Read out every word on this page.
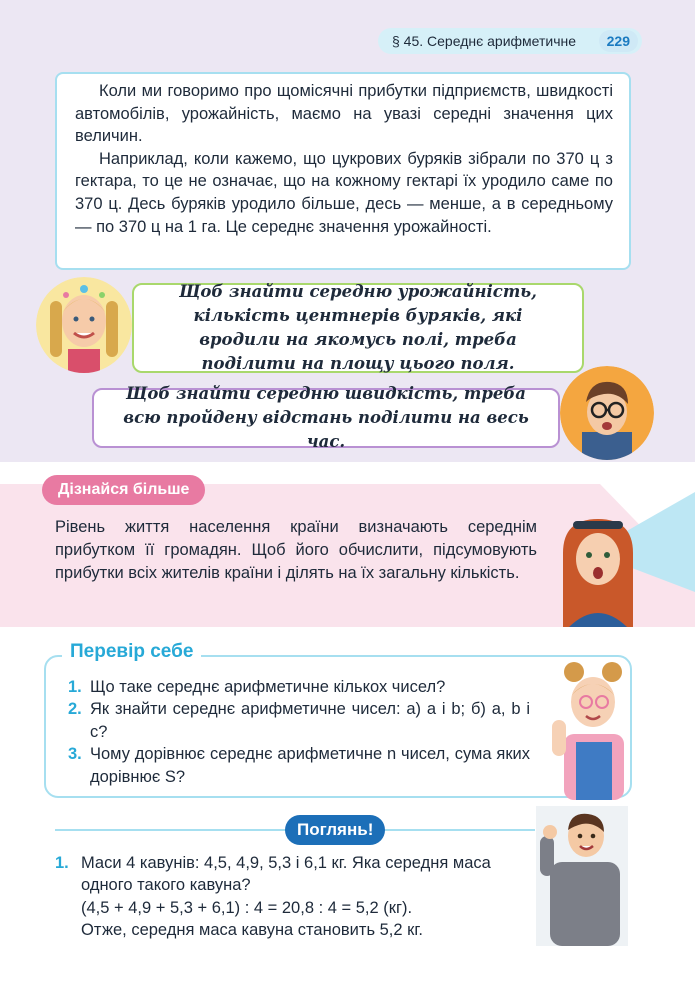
§ 45. Середнє арифметичне	229

Коли ми говоримо про щомісячні прибутки підприємств, швидкості автомобілів, урожайність, маємо на увазі середні значення цих величин.

Наприклад, коли кажемо, що цукрових буряків зібрали по 370 ц з гектара, то це не означає, що на кожному гектарі їх уродило саме по 370 ц. Десь буряків уродило більше, десь — менше, а в середньому — по 370 ц на 1 га. Це середнє значення урожайності.

Щоб знайти середню урожайність, кількість центнерів буряків, які вродили на якомусь полі, треба поділити на площу цього поля.
Щоб знайти середню швидкість, треба всю пройдену відстань поділити на весь час.
Дізнайся більше
Рівень життя населення країни визначають середнім прибутком її громадян. Щоб його обчислити, підсумовують прибутки всіх жителів країни і ділять на їх загальну кількість.
Перевір себе
1. Що таке середнє арифметичне кількох чисел?
2. Як знайти середнє арифметичне чисел: а) a і b; б) a, b і c?
3. Чому дорівнює середнє арифметичне n чисел, сума яких дорівнює S?
Поглянь!
1. Маси 4 кавунів: 4,5, 4,9, 5,3 і 6,1 кг. Яка середня маса одного такого кавуна?
(4,5 + 4,9 + 5,3 + 6,1) : 4 = 20,8 : 4 = 5,2 (кг).
Отже, середня маса кавуна становить 5,2 кг.
